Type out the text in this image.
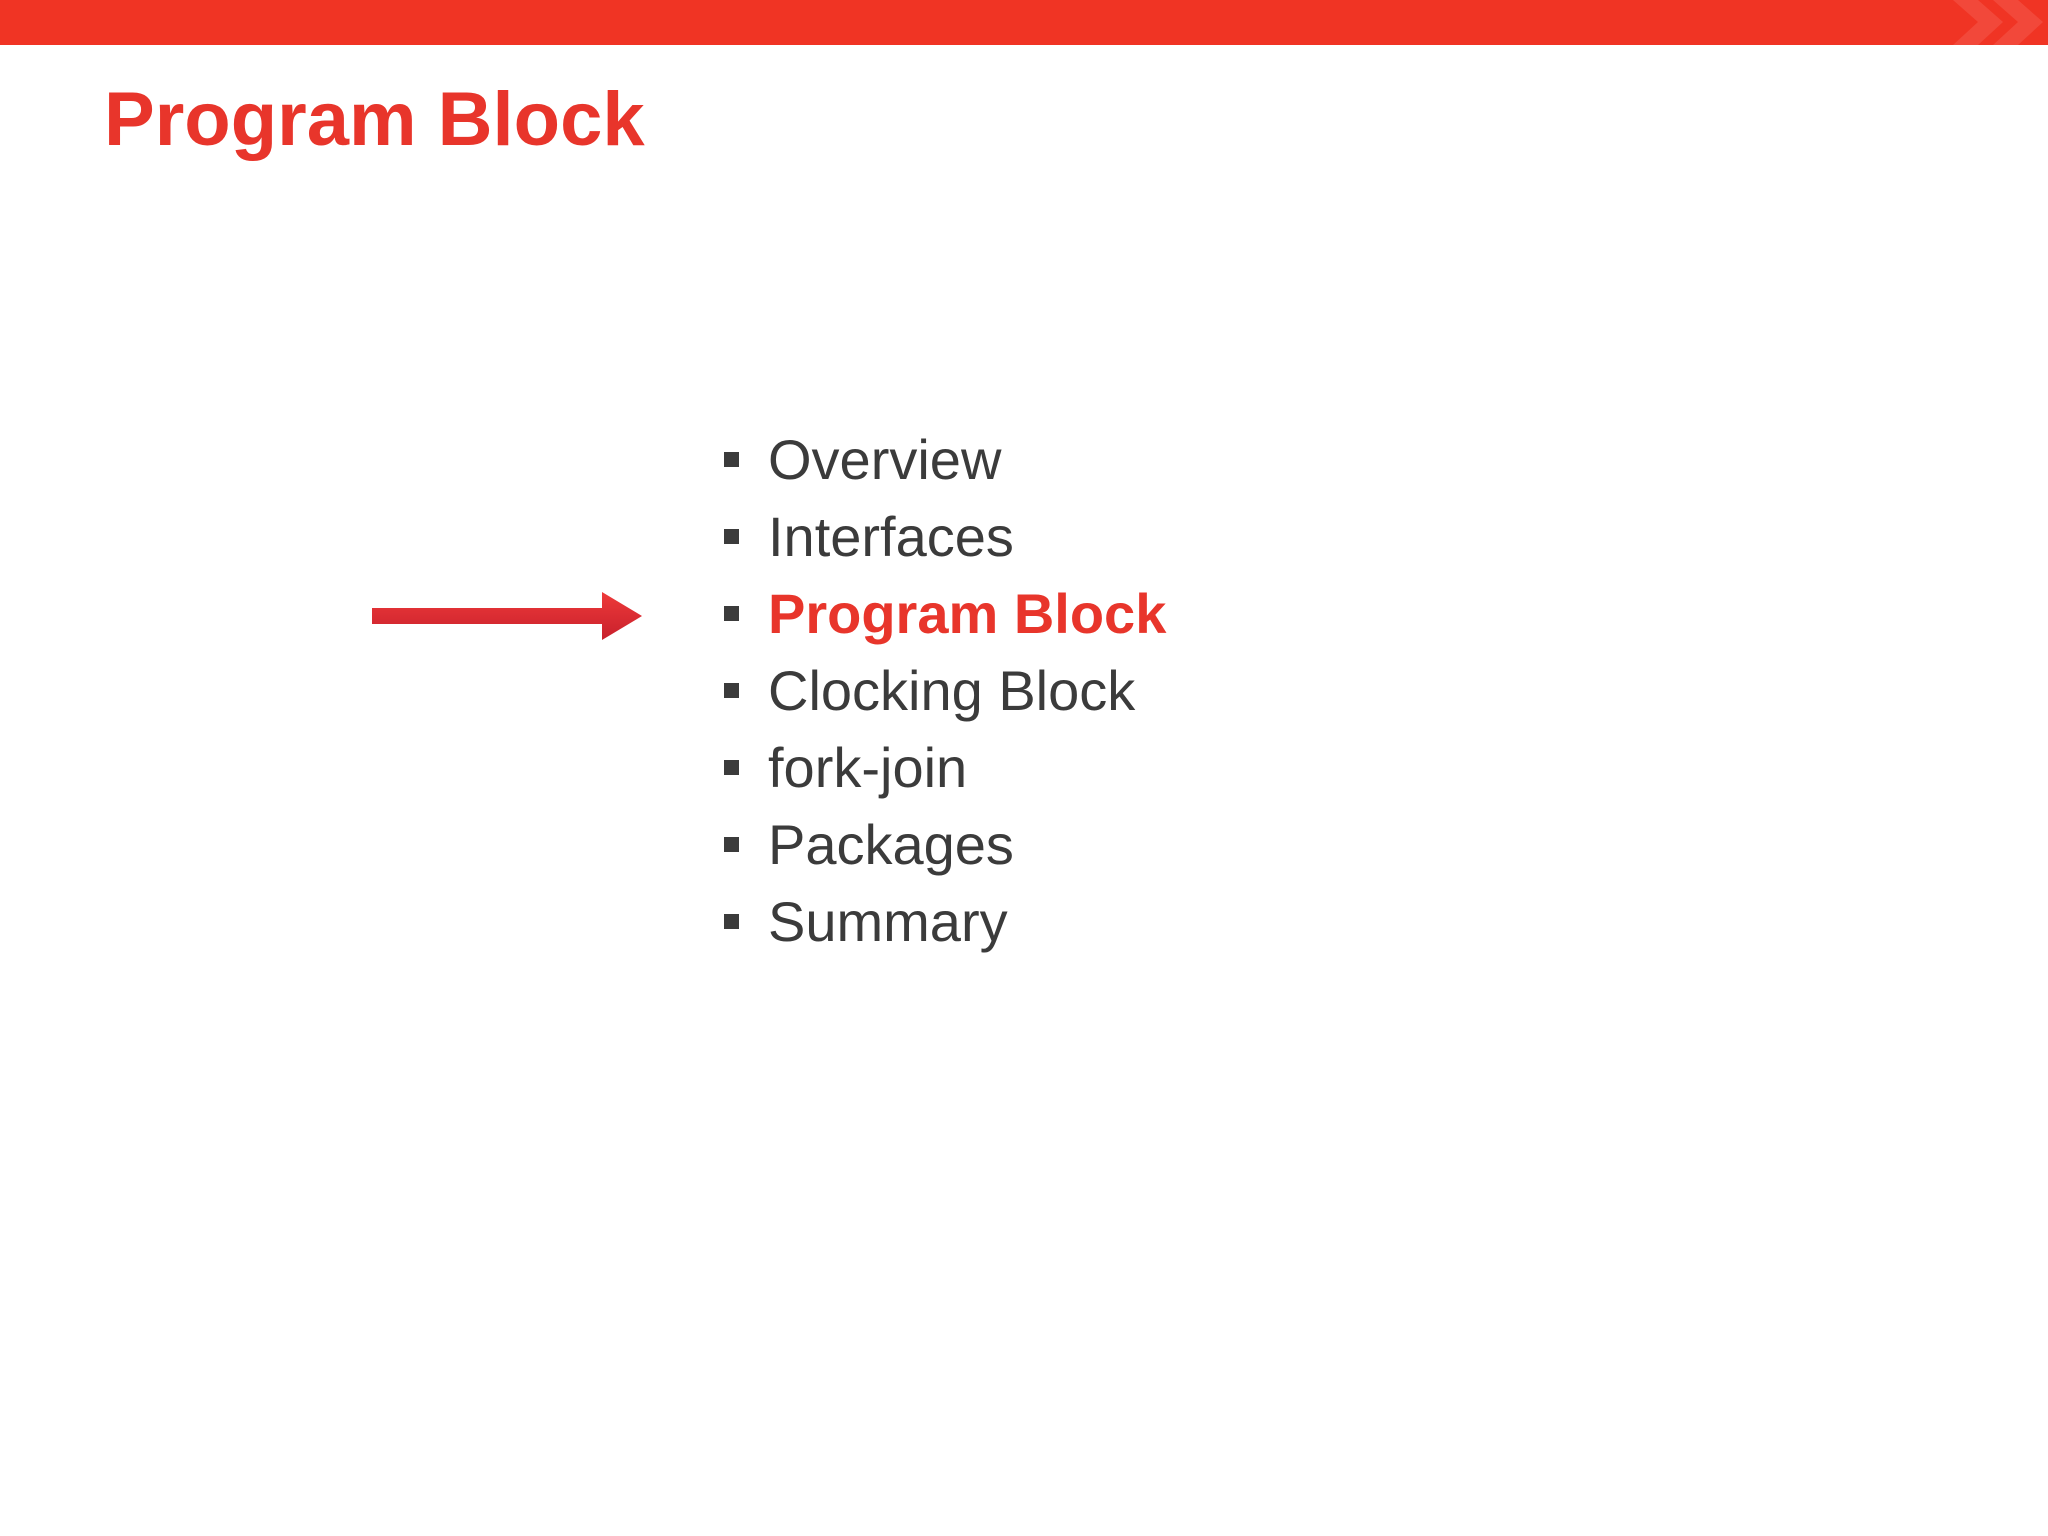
Program Block
Overview
Interfaces
Program Block
Clocking Block
fork-join
Packages
Summary
